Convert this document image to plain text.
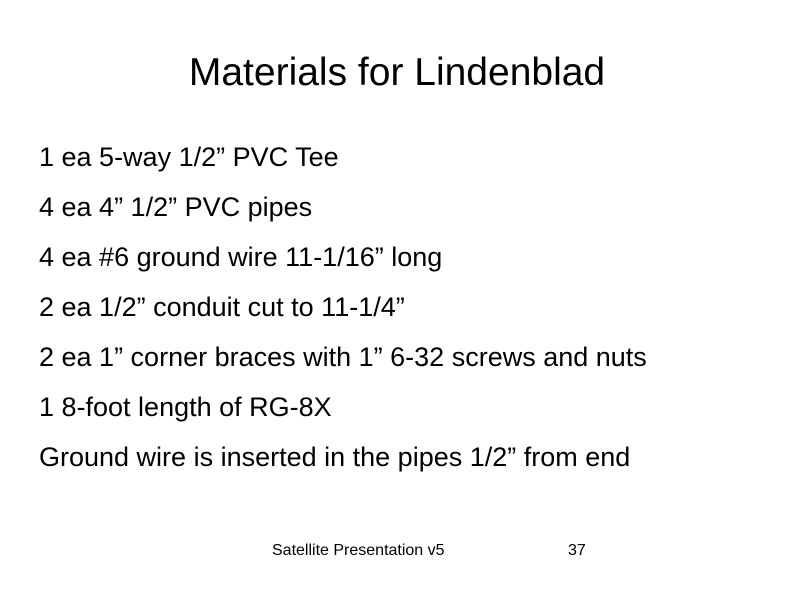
Materials for Lindenblad
1 ea 5-way 1/2” PVC Tee
4 ea 4” 1/2” PVC pipes
4 ea #6 ground wire 11-1/16” long
2 ea 1/2” conduit cut to 11-1/4”
2 ea 1” corner braces with 1” 6-32 screws and nuts
1 8-foot length of RG-8X
Ground wire is inserted in the pipes 1/2” from end
Satellite Presentation v5	37
